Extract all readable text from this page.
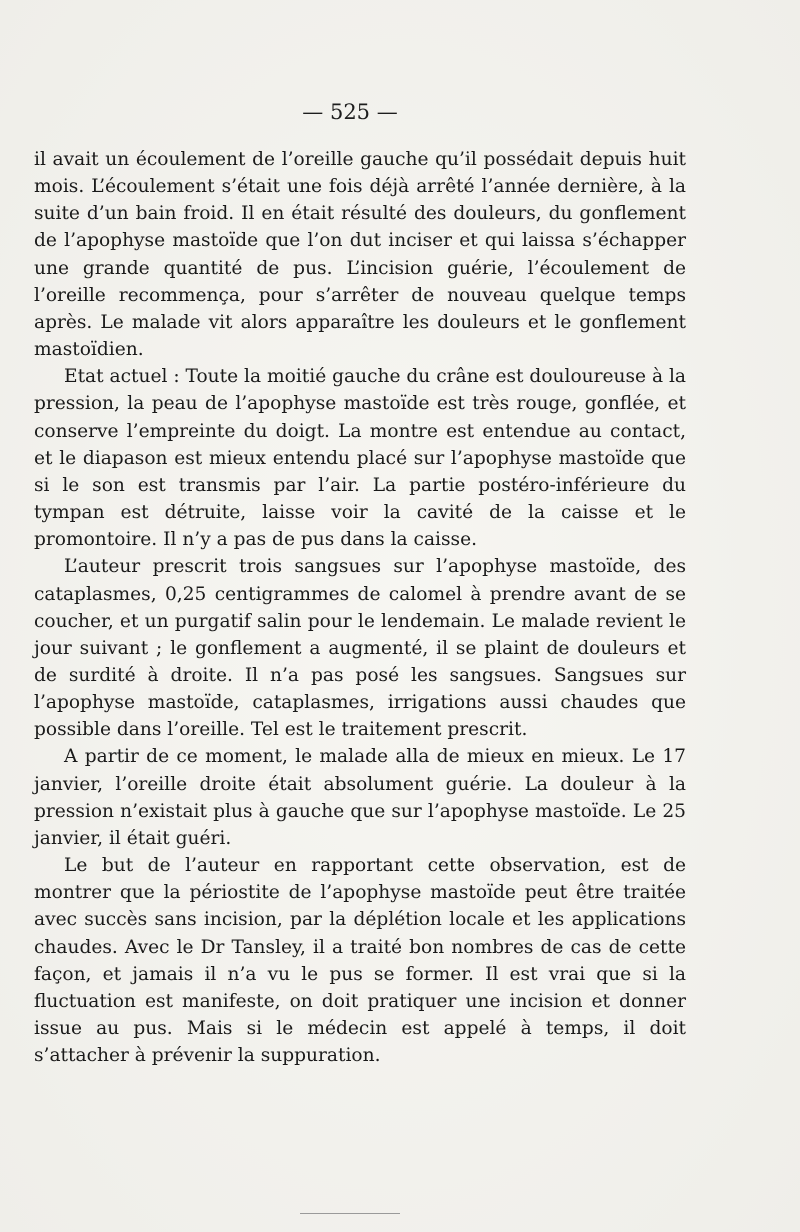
— 525 —

il avait un écoulement de l’oreille gauche qu’il possédait depuis huit mois. L’écoulement s’était une fois déjà arrêté l’année dernière, à la suite d’un bain froid. Il en était résulté des douleurs, du gonflement de l’apophyse mastoïde que l’on dut inciser et qui laissa s’échapper une grande quantité de pus. L’incision guérie, l’écoulement de l’oreille recommença, pour s’arrêter de nouveau quelque temps après. Le malade vit alors apparaître les douleurs et le gonflement mastoïdien.

Etat actuel : Toute la moitié gauche du crâne est douloureuse à la pression, la peau de l’apophyse mastoïde est très rouge, gonflée, et conserve l’empreinte du doigt. La montre est entendue au contact, et le diapason est mieux entendu placé sur l’apophyse mastoïde que si le son est transmis par l’air. La partie postéro-inférieure du tympan est détruite, laisse voir la cavité de la caisse et le promontoire. Il n’y a pas de pus dans la caisse.

L’auteur prescrit trois sangsues sur l’apophyse mastoïde, des cataplasmes, 0,25 centigrammes de calomel à prendre avant de se coucher, et un purgatif salin pour le lendemain. Le malade revient le jour suivant ; le gonflement a augmenté, il se plaint de douleurs et de surdité à droite. Il n’a pas posé les sangsues. Sangsues sur l’apophyse mastoïde, cataplasmes, irrigations aussi chaudes que possible dans l’oreille. Tel est le traitement prescrit.

A partir de ce moment, le malade alla de mieux en mieux. Le 17 janvier, l’oreille droite était absolument guérie. La douleur à la pression n’existait plus à gauche que sur l’apophyse mastoïde. Le 25 janvier, il était guéri.

Le but de l’auteur en rapportant cette observation, est de montrer que la périostite de l’apophyse mastoïde peut être traitée avec succès sans incision, par la déplétion locale et les applications chaudes. Avec le Dr Tansley, il a traité bon nombres de cas de cette façon, et jamais il n’a vu le pus se former. Il est vrai que si la fluctuation est manifeste, on doit pratiquer une incision et donner issue au pus. Mais si le médecin est appelé à temps, il doit s’attacher à prévenir la suppuration.
